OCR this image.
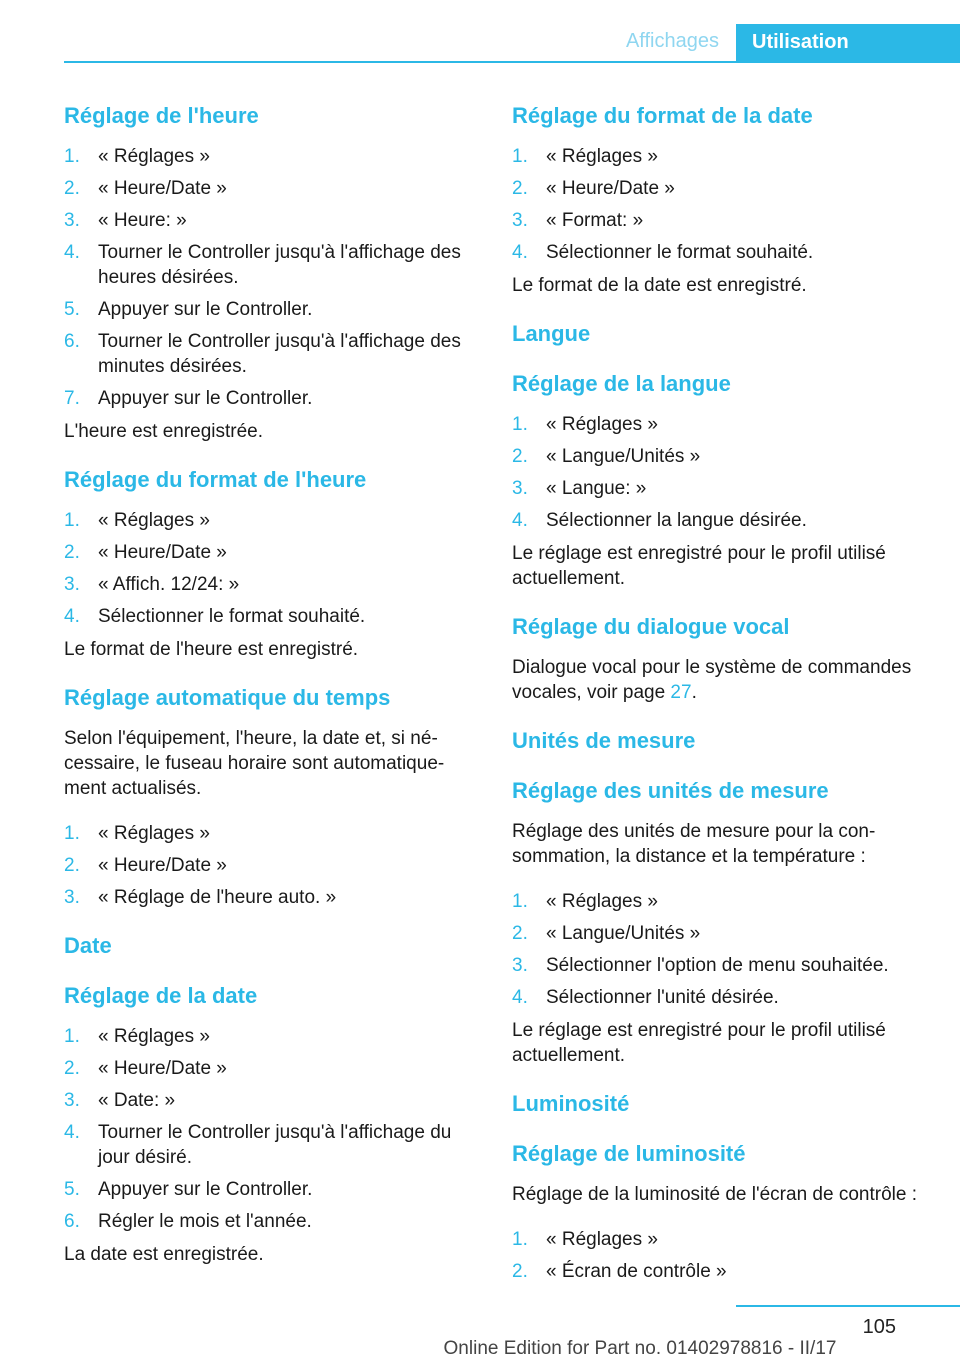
Affichages	Utilisation
Réglage de l'heure
1. « Réglages »
2. « Heure/Date »
3. « Heure: »
4. Tourner le Controller jusqu'à l'affichage des heures désirées.
5. Appuyer sur le Controller.
6. Tourner le Controller jusqu'à l'affichage des minutes désirées.
7. Appuyer sur le Controller.

L'heure est enregistrée.

Réglage du format de l'heure
1. « Réglages »
2. « Heure/Date »
3. « Affich. 12/24: »
4. Sélectionner le format souhaité.

Le format de l'heure est enregistré.

Réglage automatique du temps

Selon l'équipement, l'heure, la date et, si nécessaire, le fuseau horaire sont automatiquement actualisés.

1. « Réglages »
2. « Heure/Date »
3. « Réglage de l'heure auto. »
Date
Réglage de la date
1. « Réglages »
2. « Heure/Date »
3. « Date: »
4. Tourner le Controller jusqu'à l'affichage du jour désiré.
5. Appuyer sur le Controller.
6. Régler le mois et l'année.

La date est enregistrée.

Réglage du format de la date
1. « Réglages »
2. « Heure/Date »
3. « Format: »
4. Sélectionner le format souhaité.

Le format de la date est enregistré.

Langue
Réglage de la langue
1. « Réglages »
2. « Langue/Unités »
3. « Langue: »
4. Sélectionner la langue désirée.

Le réglage est enregistré pour le profil utilisé actuellement.

Réglage du dialogue vocal

Dialogue vocal pour le système de commandes vocales, voir page 27.

Unités de mesure
Réglage des unités de mesure

Réglage des unités de mesure pour la consommation, la distance et la température :

1. « Réglages »
2. « Langue/Unités »
3. Sélectionner l'option de menu souhaitée.
4. Sélectionner l'unité désirée.

Le réglage est enregistré pour le profil utilisé actuellement.

Luminosité
Réglage de luminosité

Réglage de la luminosité de l'écran de contrôle :

1. « Réglages »
2. « Écran de contrôle »
105
Online Edition for Part no. 01402978816 - II/17
